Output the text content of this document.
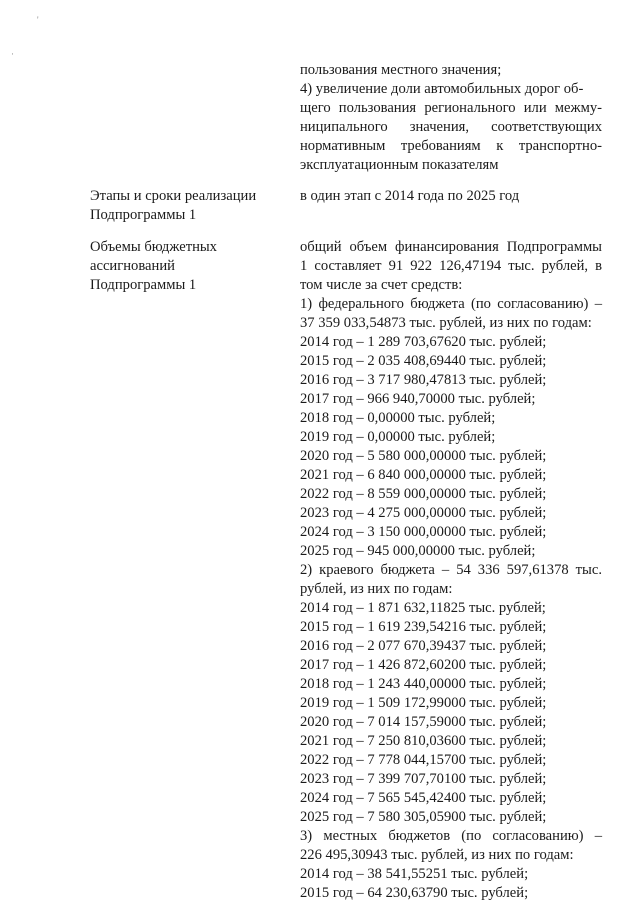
'
·
пользования местного значения;
4) увеличение доли автомобильных дорог об-
щего пользования регионального или межму-
ниципального значения, соответствующих
нормативным требованиям к транспортно-
эксплуатационным показателям
Этапы и сроки реализации
Подпрограммы 1
в один этап с 2014 года по 2025 год
Объемы бюджетных
ассигнований
Подпрограммы 1
общий объем финансирования Подпрограммы
1 составляет 91 922 126,47194 тыс. рублей, в
том числе за счет средств:
1) федерального бюджета (по согласованию) –
37 359 033,54873 тыс. рублей, из них по годам:
2014 год – 1 289 703,67620 тыс. рублей;
2015 год – 2 035 408,69440 тыс. рублей;
2016 год – 3 717 980,47813 тыс. рублей;
2017 год – 966 940,70000 тыс. рублей;
2018 год – 0,00000 тыс. рублей;
2019 год – 0,00000 тыс. рублей;
2020 год – 5 580 000,00000 тыс. рублей;
2021 год – 6 840 000,00000 тыс. рублей;
2022 год – 8 559 000,00000 тыс. рублей;
2023 год – 4 275 000,00000 тыс. рублей;
2024 год – 3 150 000,00000 тыс. рублей;
2025 год – 945 000,00000 тыс. рублей;
2) краевого бюджета – 54 336 597,61378 тыс.
рублей, из них по годам:
2014 год – 1 871 632,11825 тыс. рублей;
2015 год – 1 619 239,54216 тыс. рублей;
2016 год – 2 077 670,39437 тыс. рублей;
2017 год – 1 426 872,60200 тыс. рублей;
2018 год – 1 243 440,00000 тыс. рублей;
2019 год – 1 509 172,99000 тыс. рублей;
2020 год – 7 014 157,59000 тыс. рублей;
2021 год – 7 250 810,03600 тыс. рублей;
2022 год – 7 778 044,15700 тыс. рублей;
2023 год – 7 399 707,70100 тыс. рублей;
2024 год – 7 565 545,42400 тыс. рублей;
2025 год – 7 580 305,05900 тыс. рублей;
3) местных бюджетов (по согласованию) –
226 495,30943 тыс. рублей, из них по годам:
2014 год – 38 541,55251 тыс. рублей;
2015 год – 64 230,63790 тыс. рублей;
